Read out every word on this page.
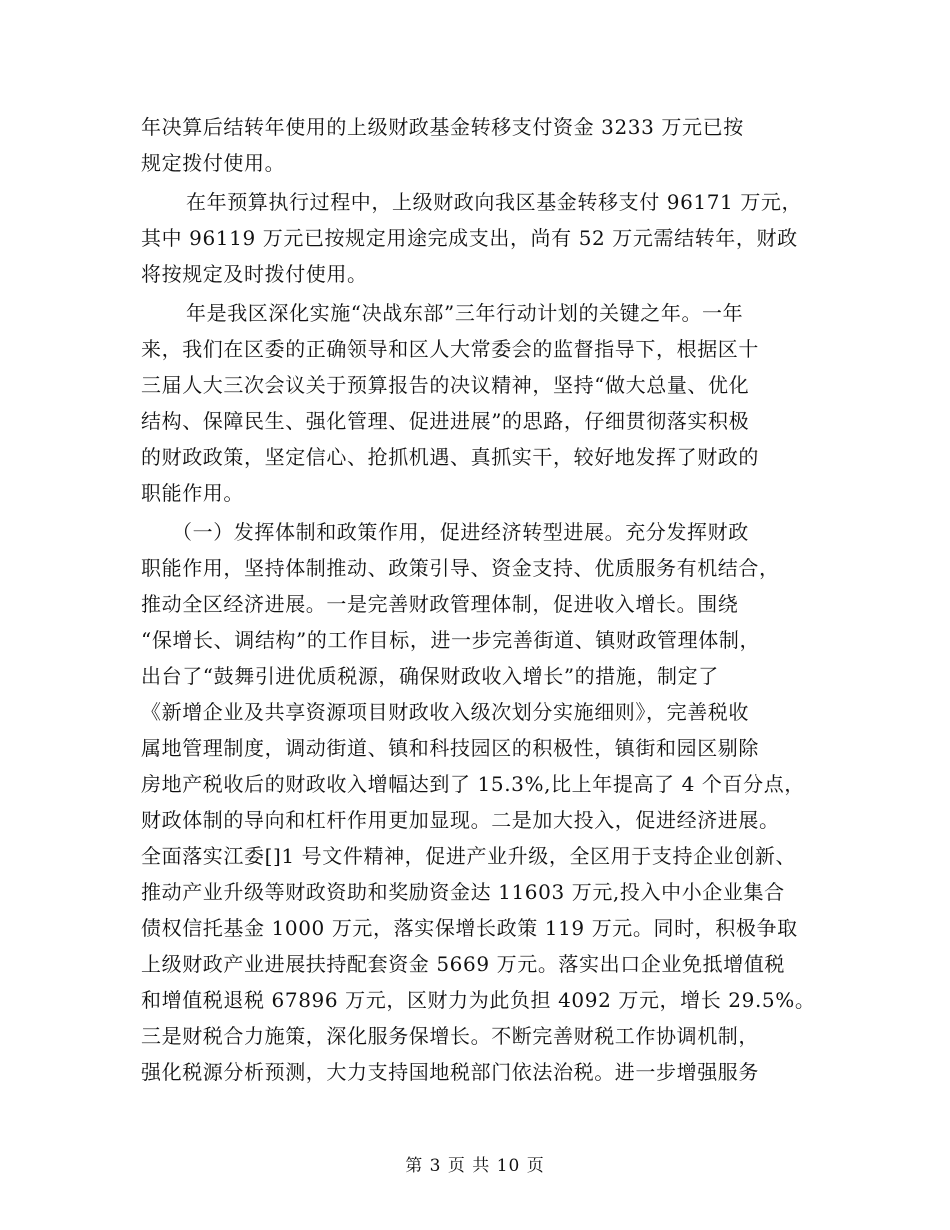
年决算后结转年使用的上级财政基金转移支付资金 3233 万元已按
规定拨付使用。
在年预算执行过程中，上级财政向我区基金转移支付 96171 万元，
其中 96119 万元已按规定用途完成支出，尚有 52 万元需结转年，财政
将按规定及时拨付使用。
年是我区深化实施“决战东部”三年行动计划的关键之年。一年
来，我们在区委的正确领导和区人大常委会的监督指导下，根据区十
三届人大三次会议关于预算报告的决议精神，坚持“做大总量、优化
结构、保障民生、强化管理、促进进展”的思路，仔细贯彻落实积极
的财政政策，坚定信心、抢抓机遇、真抓实干，较好地发挥了财政的
职能作用。
（一）发挥体制和政策作用，促进经济转型进展。充分发挥财政
职能作用，坚持体制推动、政策引导、资金支持、优质服务有机结合，
推动全区经济进展。一是完善财政管理体制，促进收入增长。围绕
“保增长、调结构”的工作目标，进一步完善街道、镇财政管理体制，
出台了“鼓舞引进优质税源，确保财政收入增长”的措施，制定了
《新增企业及共享资源项目财政收入级次划分实施细则》，完善税收
属地管理制度，调动街道、镇和科技园区的积极性，镇街和园区剔除
房地产税收后的财政收入增幅达到了 15.3%,比上年提高了 4 个百分点，
财政体制的导向和杠杆作用更加显现。二是加大投入，促进经济进展。
全面落实江委[]1 号文件精神，促进产业升级，全区用于支持企业创新、
推动产业升级等财政资助和奖励资金达 11603 万元,投入中小企业集合
债权信托基金 1000 万元，落实保增长政策 119 万元。同时，积极争取
上级财政产业进展扶持配套资金 5669 万元。落实出口企业免抵增值税
和增值税退税 67896 万元，区财力为此负担 4092 万元，增长 29.5%。
三是财税合力施策，深化服务保增长。不断完善财税工作协调机制，
强化税源分析预测，大力支持国地税部门依法治税。进一步增强服务
第 3 页 共 10 页
